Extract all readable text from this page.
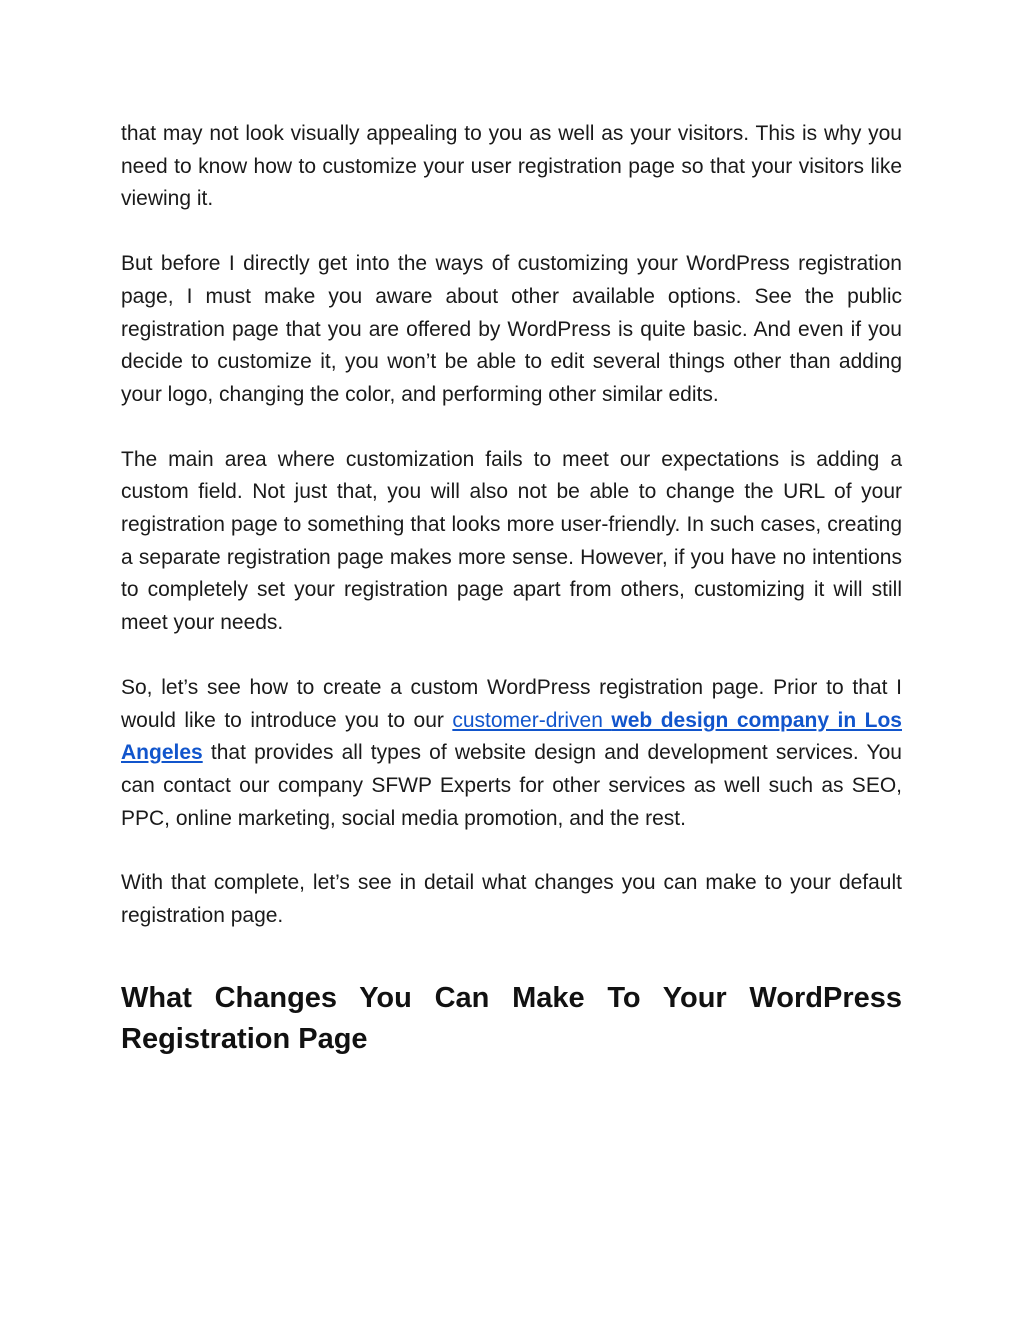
that may not look visually appealing to you as well as your visitors. This is why you need to know how to customize your user registration page so that your visitors like viewing it.

But before I directly get into the ways of customizing your WordPress registration page, I must make you aware about other available options. See the public registration page that you are offered by WordPress is quite basic. And even if you decide to customize it, you won’t be able to edit several things other than adding your logo, changing the color, and performing other similar edits.

The main area where customization fails to meet our expectations is adding a custom field. Not just that, you will also not be able to change the URL of your registration page to something that looks more user-friendly. In such cases, creating a separate registration page makes more sense. However, if you have no intentions to completely set your registration page apart from others, customizing it will still meet your needs.

So, let’s see how to create a custom WordPress registration page. Prior to that I would like to introduce you to our customer-driven web design company in Los Angeles that provides all types of website design and development services. You can contact our company SFWP Experts for other services as well such as SEO, PPC, online marketing, social media promotion, and the rest.

With that complete, let’s see in detail what changes you can make to your default registration page.

What Changes You Can Make To Your WordPress Registration Page
